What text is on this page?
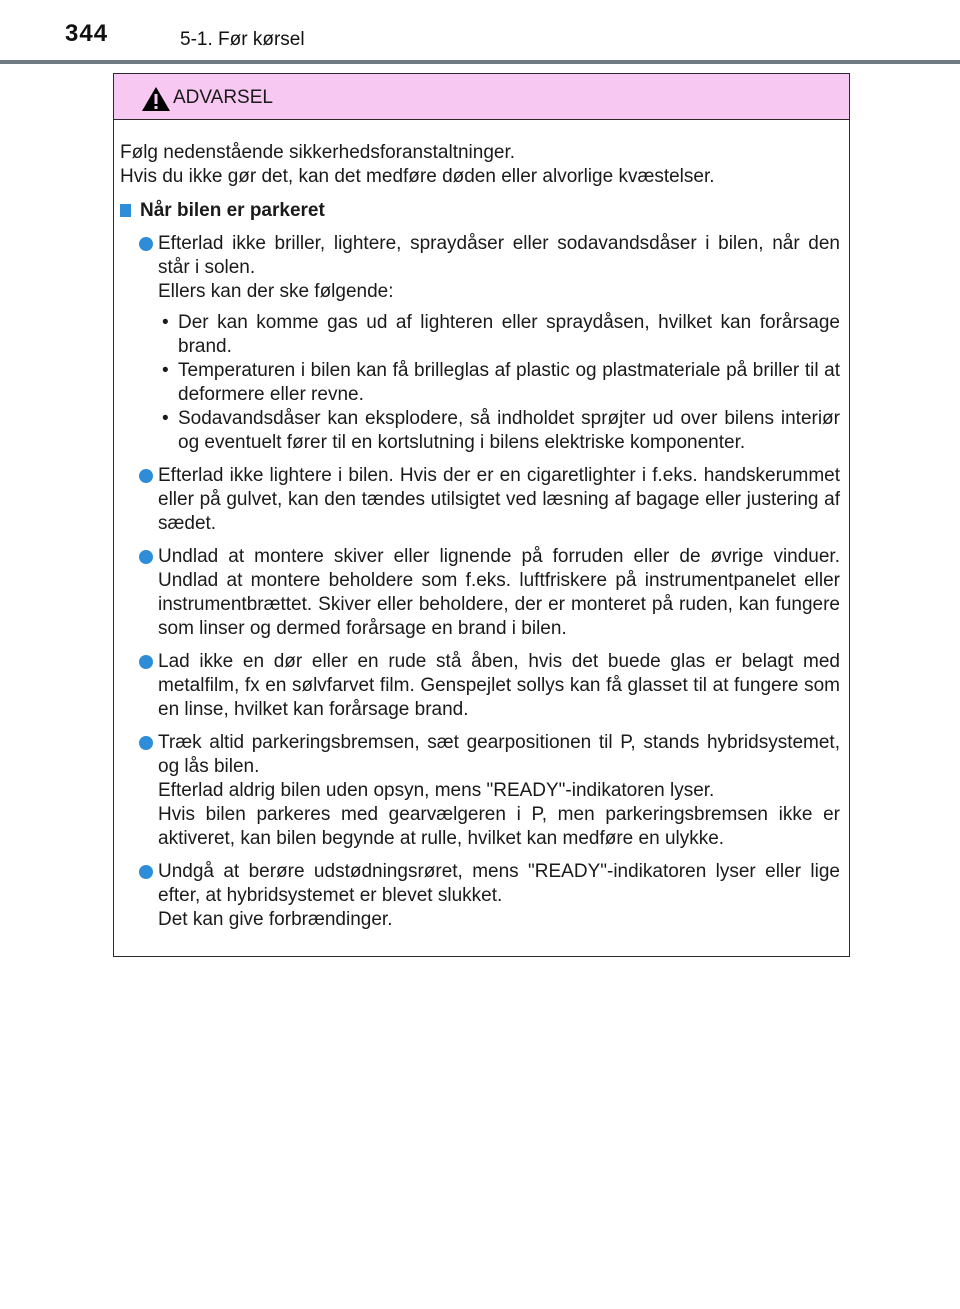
344	5-1. Før kørsel
ADVARSEL

Følg nedenstående sikkerhedsforanstaltninger.

Hvis du ikke gør det, kan det medføre døden eller alvorlige kvæstelser.

Når bilen er parkeret

Efterlad ikke briller, lightere, spraydåser eller sodavandsdåser i bilen, når den står i solen.

Ellers kan der ske følgende:

• Der kan komme gas ud af lighteren eller spraydåsen, hvilket kan forårsage brand.
• Temperaturen i bilen kan få brilleglas af plastic og plastmateriale på briller til at deformere eller revne.
• Sodavandsdåser kan eksplodere, så indholdet sprøjter ud over bilens interiør og eventuelt fører til en kortslutning i bilens elektriske komponenter.

Efterlad ikke lightere i bilen. Hvis der er en cigaretlighter i f.eks. handskerummet eller på gulvet, kan den tændes utilsigtet ved læsning af bagage eller justering af sædet.

Undlad at montere skiver eller lignende på forruden eller de øvrige vinduer. Undlad at montere beholdere som f.eks. luftfriskere på instrumentpanelet eller instrumentbrættet. Skiver eller beholdere, der er monteret på ruden, kan fungere som linser og dermed forårsage en brand i bilen.

Lad ikke en dør eller en rude stå åben, hvis det buede glas er belagt med metalfilm, fx en sølvfarvet film. Genspejlet sollys kan få glasset til at fungere som en linse, hvilket kan forårsage brand.

Træk altid parkeringsbremsen, sæt gearpositionen til P, stands hybridsystemet, og lås bilen.

Efterlad aldrig bilen uden opsyn, mens "READY"-indikatoren lyser.

Hvis bilen parkeres med gearvælgeren i P, men parkeringsbremsen ikke er aktiveret, kan bilen begynde at rulle, hvilket kan medføre en ulykke.

Undgå at berøre udstødningsrøret, mens "READY"-indikatoren lyser eller lige efter, at hybridsystemet er blevet slukket.

Det kan give forbrændinger.
